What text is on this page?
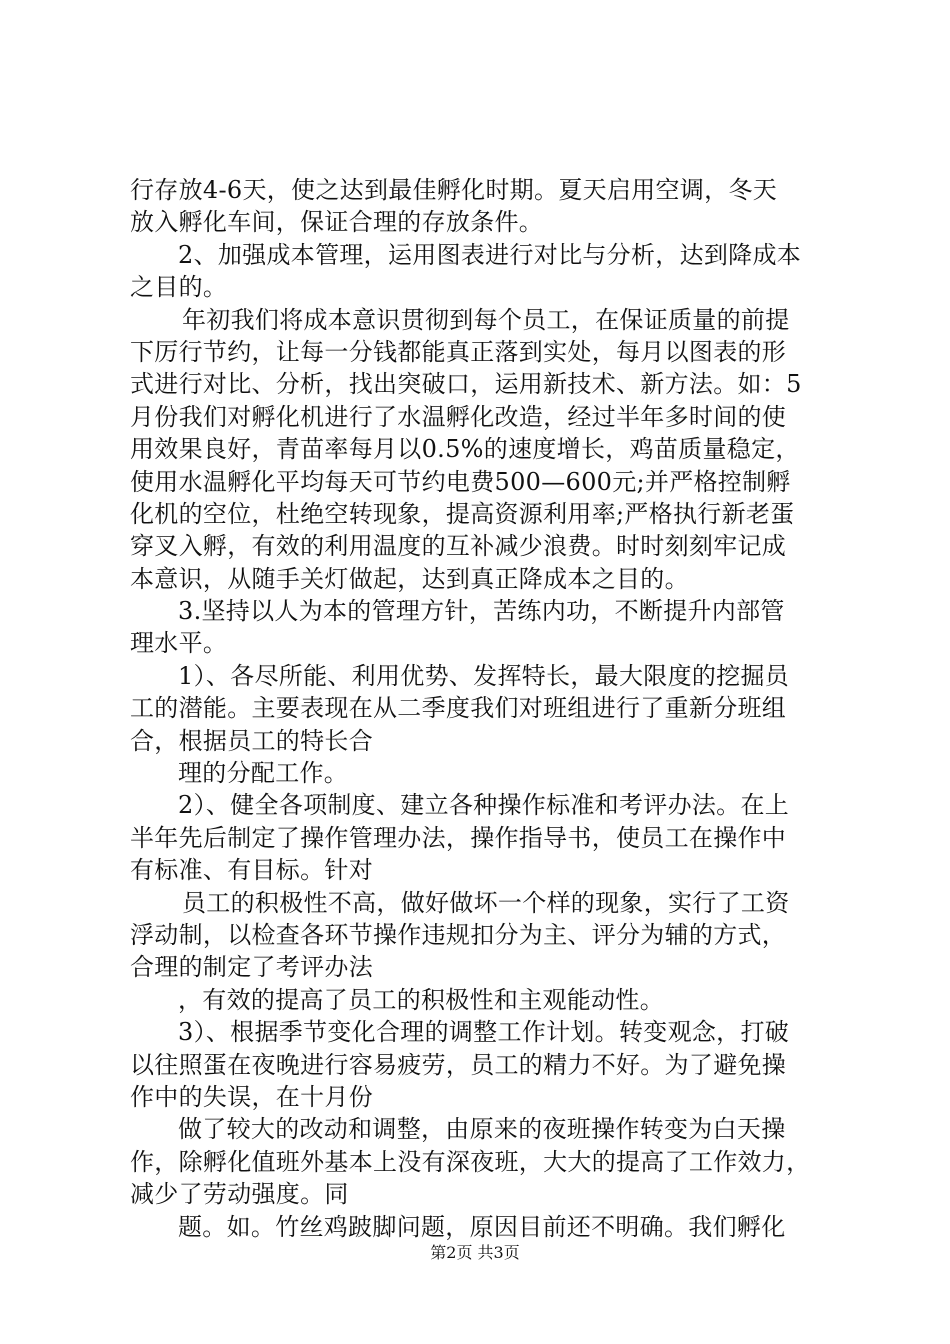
行存放4-6天，使之达到最佳孵化时期。夏天启用空调，冬天
放入孵化车间，保证合理的存放条件。
2、加强成本管理，运用图表进行对比与分析，达到降成本
之目的。
年初我们将成本意识贯彻到每个员工，在保证质量的前提
下厉行节约，让每一分钱都能真正落到实处，每月以图表的形
式进行对比、分析，找出突破口，运用新技术、新方法。如：5
月份我们对孵化机进行了水温孵化改造，经过半年多时间的使
用效果良好，青苗率每月以0.5%的速度增长，鸡苗质量稳定，
使用水温孵化平均每天可节约电费500—600元;并严格控制孵
化机的空位，杜绝空转现象，提高资源利用率;严格执行新老蛋
穿叉入孵，有效的利用温度的互补减少浪费。时时刻刻牢记成
本意识，从随手关灯做起，达到真正降成本之目的。
3.坚持以人为本的管理方针，苦练内功，不断提升内部管
理水平。
1）、各尽所能、利用优势、发挥特长，最大限度的挖掘员
工的潜能。主要表现在从二季度我们对班组进行了重新分班组
合，根据员工的特长合
理的分配工作。
2）、健全各项制度、建立各种操作标准和考评办法。在上
半年先后制定了操作管理办法，操作指导书，使员工在操作中
有标准、有目标。针对
员工的积极性不高，做好做坏一个样的现象，实行了工资
浮动制，以检查各环节操作违规扣分为主、评分为辅的方式，
合理的制定了考评办法
，有效的提高了员工的积极性和主观能动性。
3）、根据季节变化合理的调整工作计划。转变观念，打破
以往照蛋在夜晚进行容易疲劳，员工的精力不好。为了避免操
作中的失误，在十月份
做了较大的改动和调整，由原来的夜班操作转变为白天操
作，除孵化值班外基本上没有深夜班，大大的提高了工作效力，
减少了劳动强度。同
题。如。竹丝鸡跛脚问题，原因目前还不明确。我们孵化
第2页 共3页
